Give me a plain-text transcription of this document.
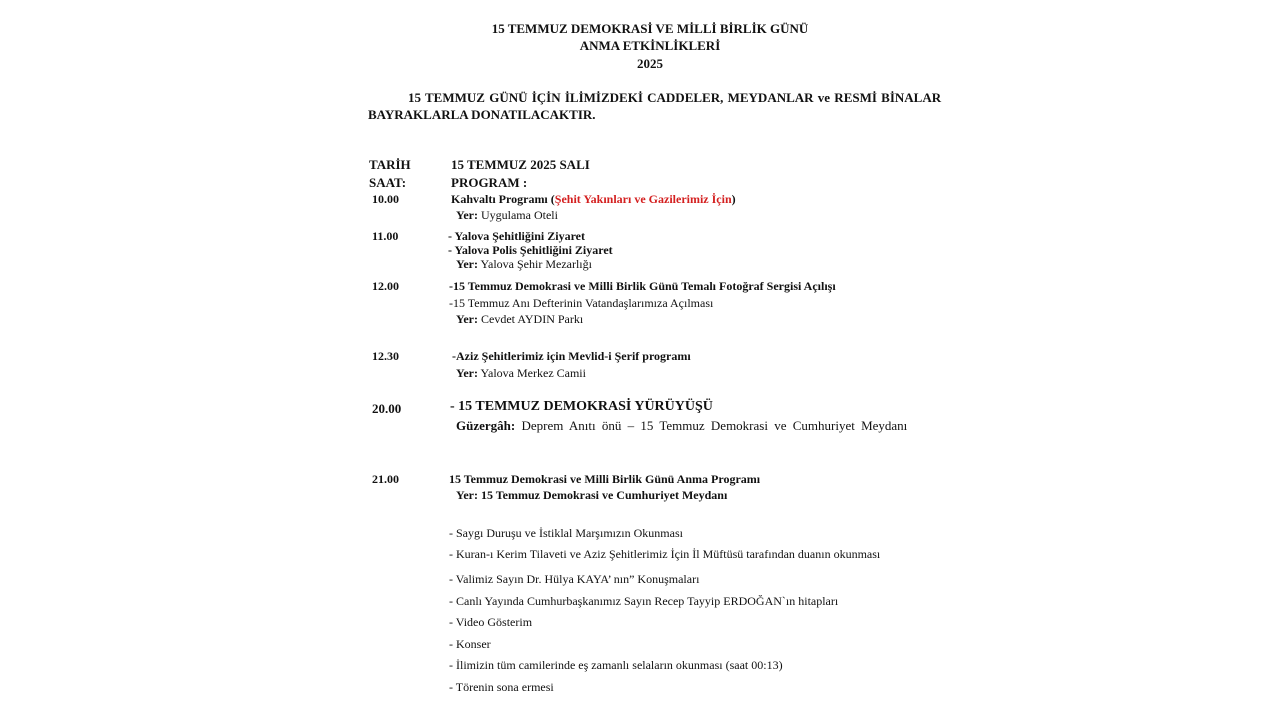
15 TEMMUZ DEMOKRASİ VE MİLLİ BİRLİK GÜNÜ
ANMA ETKİNLİKLERİ
2025
15 TEMMUZ GÜNÜ İÇİN İLİMİZDEKİ CADDELER, MEYDANLAR ve RESMİ BİNALAR
BAYRAKLARLA DONATILACAKTIR.
TARİH	15 TEMMUZ 2025 SALI
SAAT:	PROGRAM :
10.00	Kahvaltı Programı (Şehit Yakınları ve Gazilerimiz İçin)
Yer: Uygulama Oteli
11.00	- Yalova Şehitliğini Ziyaret
- Yalova Polis Şehitliğini Ziyaret
Yer: Yalova Şehir Mezarlığı
12.00	-15 Temmuz Demokrasi ve Milli Birlik Günü Temalı Fotoğraf Sergisi Açılışı
-15 Temmuz Anı Defterinin Vatandaşlarımıza Açılması
Yer: Cevdet AYDIN Parkı
12.30	-Aziz Şehitlerimiz için Mevlid-i Şerif programı
Yer: Yalova Merkez Camii
20.00	- 15 TEMMUZ DEMOKRASİ YÜRÜYÜŞÜ
Güzergâh: Deprem Anıtı önü – 15 Temmuz Demokrasi ve Cumhuriyet Meydanı
21.00	15 Temmuz Demokrasi ve Milli Birlik Günü Anma Programı
Yer: 15 Temmuz Demokrasi ve Cumhuriyet Meydanı
- Saygı Duruşu ve İstiklal Marşımızın Okunması
- Kuran-ı Kerim Tilaveti ve Aziz Şehitlerimiz İçin İl Müftüsü tarafından duanın okunması
- Valimiz Sayın Dr. Hülya KAYA’ nın” Konuşmaları
- Canlı Yayında Cumhurbaşkanımız Sayın Recep Tayyip ERDOĞAN`ın hitapları
- Video Gösterim
- Konser
- İlimizin tüm camilerinde eş zamanlı selaların okunması (saat 00:13)
- Törenin sona ermesi
